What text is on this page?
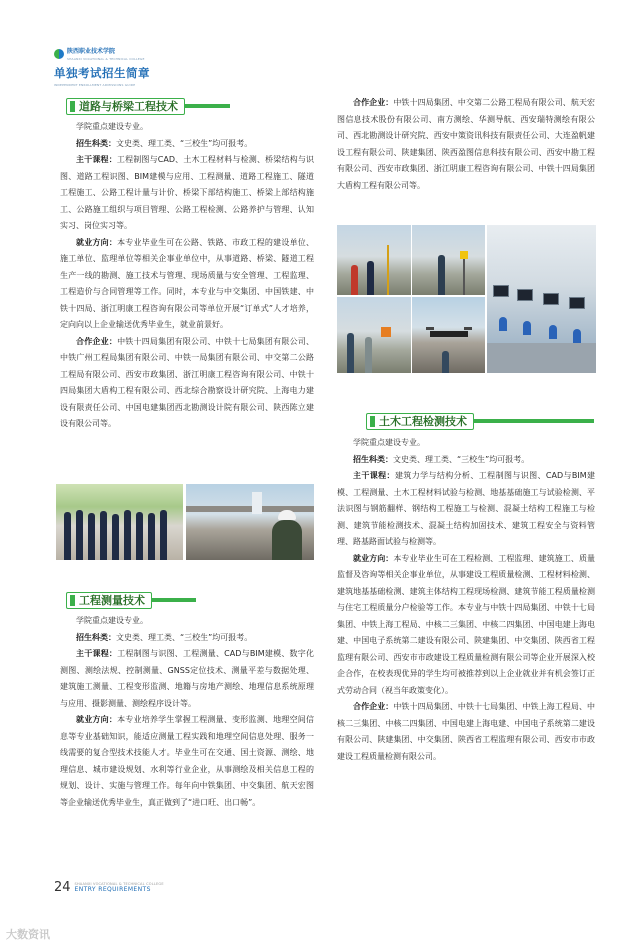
陕西职业技术学院
SHAANXI VOCATIONAL & TECHNICAL COLLEGE
单独考试招生简章
INDEPENDENT ENROLLMENT ADMISSIONS GUIDE
道路与桥梁工程技术

学院重点建设专业。

招生科类：文史类、理工类、“三校生”均可报考。

主干课程：工程制图与CAD、土木工程材料与检测、桥梁结构与识图、道路工程识图、BIM建模与应用、工程测量、道路工程施工、隧道工程施工、公路工程计量与计价、桥梁下部结构施工、桥梁上部结构施工、公路施工组织与项目管理、公路工程检测、公路养护与管理、认知实习、岗位实习等。

就业方向：本专业毕业生可在公路、铁路、市政工程的建设单位、施工单位、监理单位等相关企事业单位中，从事道路、桥梁、隧道工程生产一线的勘测、施工技术与管理、现场质量与安全管理、工程监理、工程造价与合同管理等工作。同时，本专业与中交集团、中国铁建、中铁十四局、浙江明康工程咨询有限公司等单位开展“订单式”人才培养，定向向以上企业输送优秀毕业生，就业前景好。

合作企业：中铁十四局集团有限公司、中铁十七局集团有限公司、中铁广州工程局集团有限公司、中铁一局集团有限公司、中交第二公路工程局有限公司、西安市政集团、浙江明康工程咨询有限公司、中铁十四局集团大盾构工程有限公司、西北综合勘察设计研究院、上海电力建设有限责任公司、中国电建集团西北勘测设计院有限公司、陕西陈立建设有限公司等。

工程测量技术

学院重点建设专业。

招生科类：文史类、理工类、“三校生”均可报考。

主干课程：工程制图与识图、工程测量、CAD与BIM建模、数字化测图、测绘法规、控制测量、GNSS定位技术、测量平差与数据处理、建筑施工测量、工程变形监测、地籍与房地产测绘、地理信息系统原理与应用、摄影测量、测绘程序设计等。

就业方向：本专业培养学生掌握工程测量、变形监测、地理空间信息等专业基础知识，能适应测量工程实践和地理空间信息处理、服务一线需要的复合型技术技能人才。毕业生可在交通、国土资源、测绘、地理信息、城市建设规划、水利等行业企业，从事测绘及相关信息工程的规划、设计、实施与管理工作。每年向中铁集团、中交集团、航天宏图等企业输送优秀毕业生，真正做到了“进口旺、出口畅”。

合作企业：中铁十四局集团、中交第二公路工程局有限公司、航天宏图信息技术股份有限公司、南方测绘、华测导航、西安瑞特测绘有限公司、西北勘测设计研究院、西安中策资讯科技有限责任公司、大连盈帆建设工程有限公司、陕建集团、陕西盈图信息科技有限公司、西安中勘工程有限公司、西安市政集团、浙江明康工程咨询有限公司、中铁十四局集团大盾构工程有限公司等。

土木工程检测技术

学院重点建设专业。

招生科类：文史类、理工类、“三校生”均可报考。

主干课程：建筑力学与结构分析、工程制图与识图、CAD与BIM建模、工程测量、土木工程材料试验与检测、地基基础施工与试验检测、平法识图与钢筋翻样、钢结构工程施工与检测、混凝土结构工程施工与检测、建筑节能检测技术、混凝土结构加固技术、建筑工程安全与资料管理、路基路面试验与检测等。

就业方向：本专业毕业生可在工程检测、工程监理、建筑施工、质量监督及咨询等相关企事业单位，从事建设工程质量检测、工程材料检测、建筑地基基础检测、建筑主体结构工程现场检测、建筑节能工程质量检测与住宅工程质量分户检验等工作。本专业与中铁十四局集团、中铁十七局集团、中铁上海工程局、中核二三集团、中核二四集团、中国电建上海电建、中国电子系统第二建设有限公司、陕建集团、中交集团、陕西省工程监理有限公司、西安市市政建设工程质量检测有限公司等企业开展深入校企合作，在校表现优异的学生均可被推荐到以上企业就业并有机会签订正式劳动合同（视当年政策变化）。

合作企业：中铁十四局集团、中铁十七局集团、中铁上海工程局、中核二三集团、中核二四集团、中国电建上海电建、中国电子系统第二建设有限公司、陕建集团、中交集团、陕西省工程监理有限公司、西安市市政建设工程质量检测有限公司。

24 SHAANXI VOCATIONAL & TECHNICAL COLLEGE
ENTRY REQUIREMENTS
大数资讯
